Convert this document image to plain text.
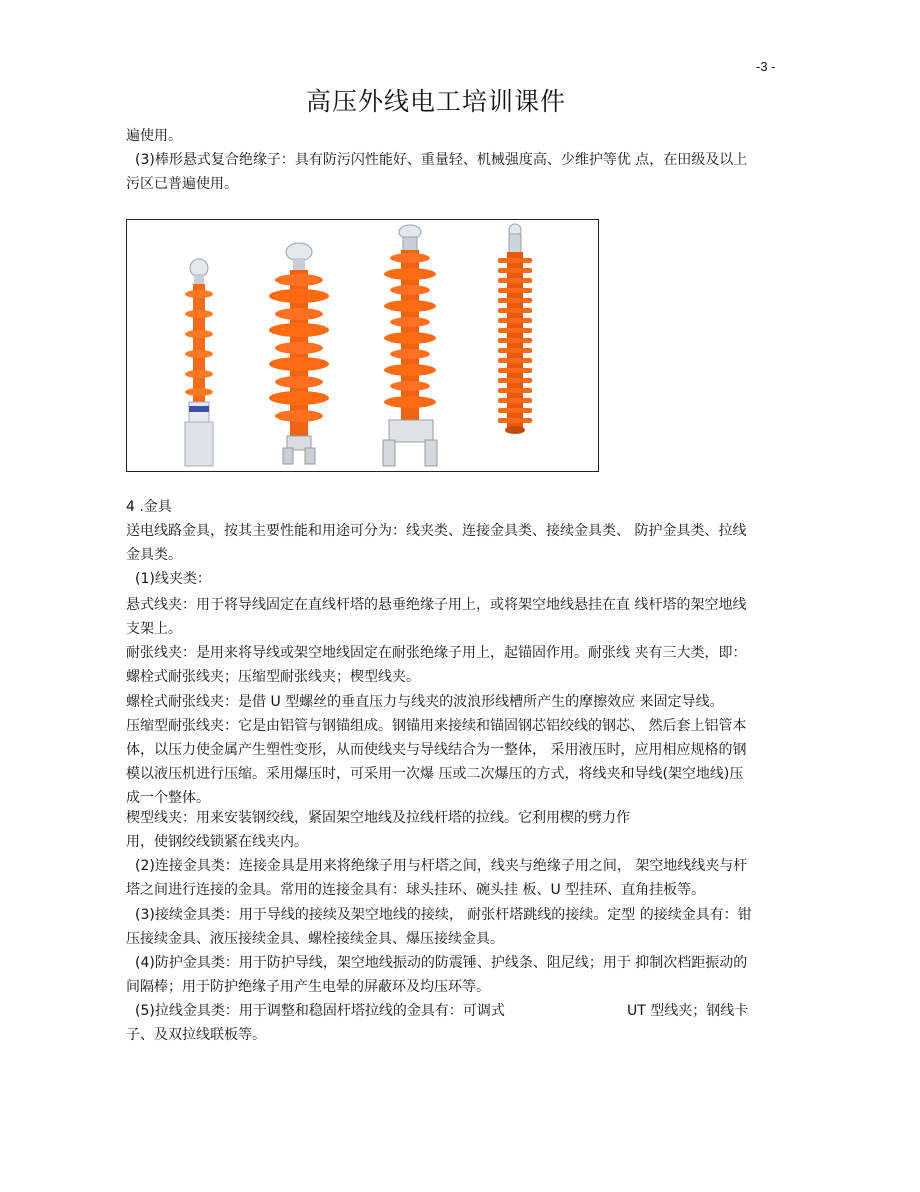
-3 -
高压外线电工培训课件
遍使用。
(3)棒形悬式复合绝缘子：具有防污闪性能好、重量轻、机械强度高、少维护等优 点，在田级及以上
污区已普遍使用。
4 .金具
送电线路金具，按其主要性能和用途可分为：线夹类、连接金具类、接续金具类、 防护金具类、拉线
金具类。
(1)线夹类：
悬式线夹：用于将导线固定在直线杆塔的悬垂绝缘子用上，或将架空地线悬挂在直 线杆塔的架空地线
支架上。
耐张线夹：是用来将导线或架空地线固定在耐张绝缘子用上，起锚固作用。耐张线 夹有三大类，即：
螺栓式耐张线夹；压缩型耐张线夹；楔型线夹。
螺栓式耐张线夹：是借 U 型螺丝的垂直压力与线夹的波浪形线槽所产生的摩擦效应 来固定导线。
压缩型耐张线夹：它是由铝管与钢锚组成。钢锚用来接续和锚固钢芯铝绞线的钢芯、 然后套上铝管本
体，以压力使金属产生塑性变形，从而使线夹与导线结合为一整体， 采用液压时，应用相应规格的钢
模以液压机进行压缩。采用爆压时，可采用一次爆 压或二次爆压的方式，将线夹和导线(架空地线)压
成一个整体。
楔型线夹：用来安装钢绞线，紧固架空地线及拉线杆塔的拉线。它利用楔的劈力作
用，使钢绞线锁紧在线夹内。
(2)连接金具类：连接金具是用来将绝缘子用与杆塔之间，线夹与绝缘子用之间， 架空地线线夹与杆
塔之间进行连接的金具。常用的连接金具有：球头挂环、碗头挂 板、U 型挂环、直角挂板等。
(3)接续金具类：用于导线的接续及架空地线的接续， 耐张杆塔跳线的接续。定型 的接续金具有：钳
压接续金具、液压接续金具、螺栓接续金具、爆压接续金具。
(4)防护金具类：用于防护导线，架空地线振动的防震锤、护线条、阻尼线；用于 抑制次档距振动的
间隔棒；用于防护绝缘子用产生电晕的屏蔽环及均压环等。
(5)拉线金具类：用于调整和稳固杆塔拉线的金具有：可调式	UT 型线夹；钢线卡
子、及双拉线联板等。
